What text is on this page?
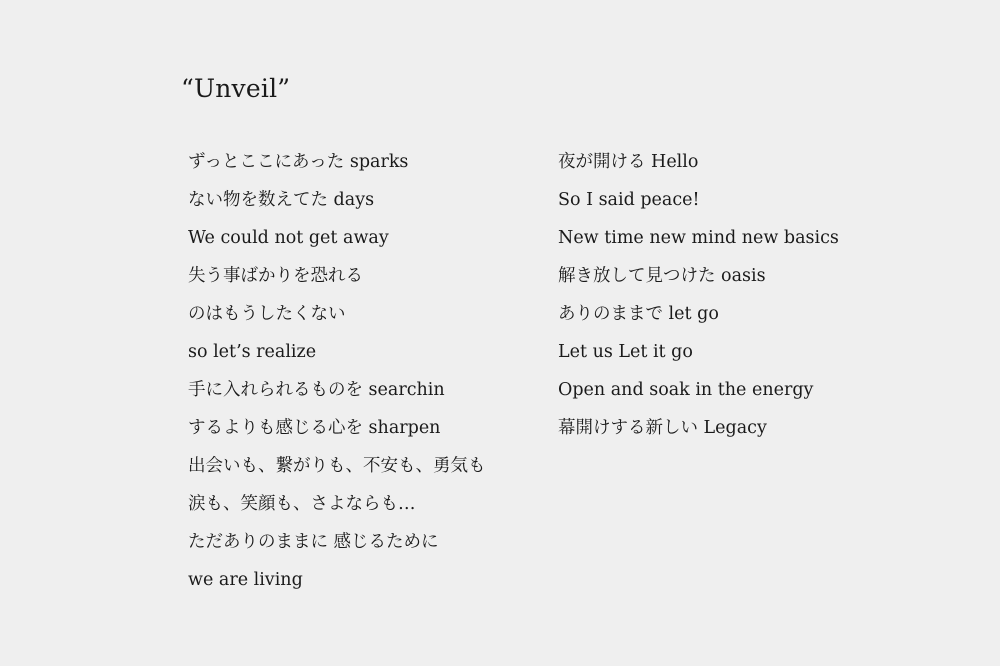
“Unveil”
ずっとここにあった sparks
ない物を数えてた days
We could not get away
失う事ばかりを恐れる
のはもうしたくない
so let’s realize
手に入れられるものを searchin
するよりも感じる心を sharpen
出会いも、繋がりも、不安も、勇気も
涙も、笑顔も、さよならも…
ただありのままに 感じるために
we are living
夜が開ける Hello
So I said peace!
New time new mind new basics
解き放して見つけた oasis
ありのままで let go
Let us Let it go
Open and soak in the energy
幕開けする新しい Legacy
